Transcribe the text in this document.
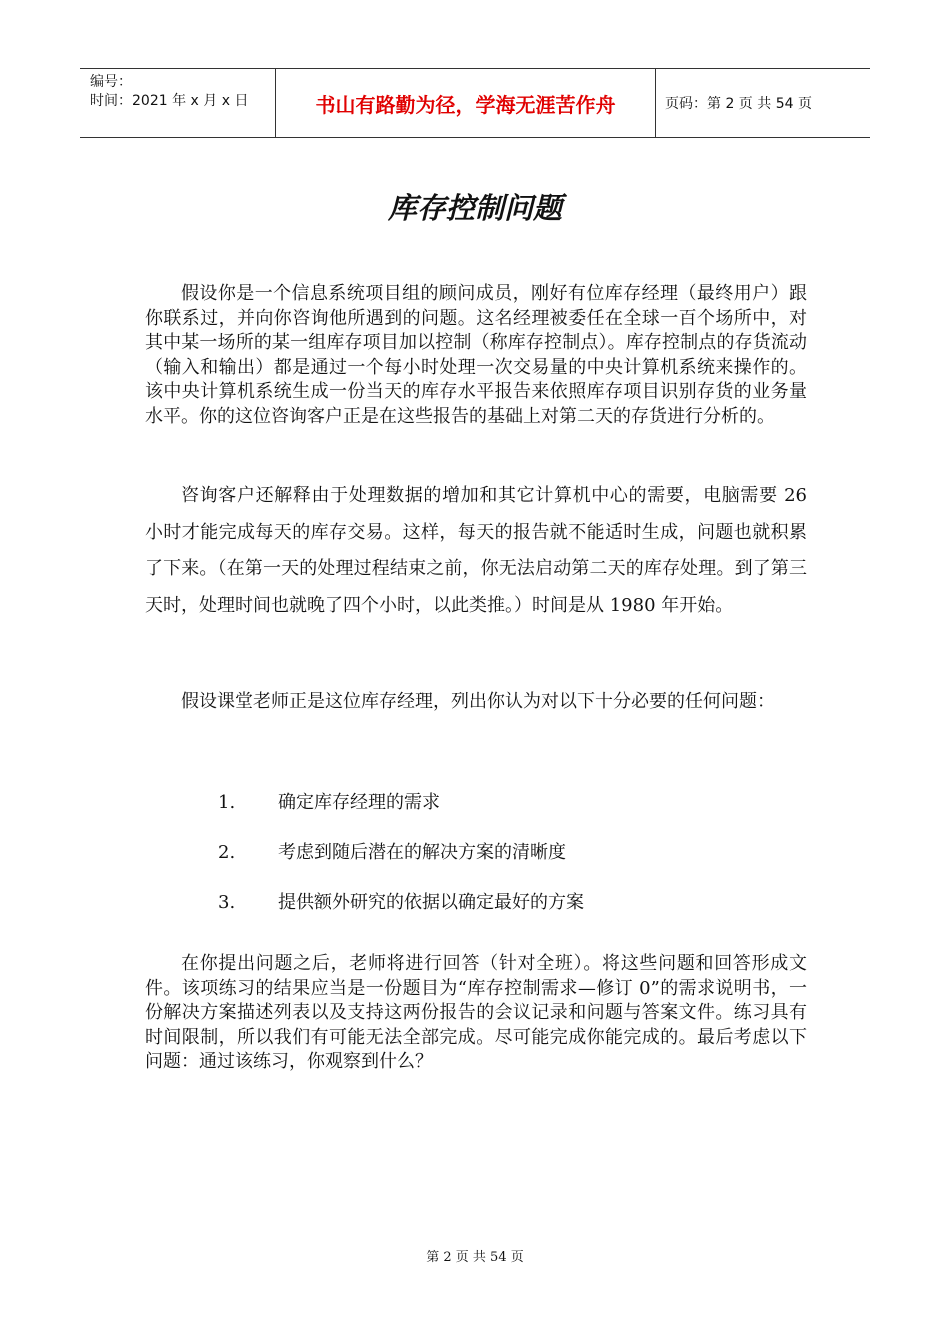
编号：
时间：2021 年 x 月 x 日	书山有路勤为径，学海无涯苦作舟	页码：第 2 页 共 54 页
库存控制问题

假设你是一个信息系统项目组的顾问成员，刚好有位库存经理（最终用户）跟你联系过，并向你咨询他所遇到的问题。这名经理被委任在全球一百个场所中，对其中某一场所的某一组库存项目加以控制（称库存控制点）。库存控制点的存货流动（输入和输出）都是通过一个每小时处理一次交易量的中央计算机系统来操作的。该中央计算机系统生成一份当天的库存水平报告来依照库存项目识别存货的业务量水平。你的这位咨询客户正是在这些报告的基础上对第二天的存货进行分析的。

咨询客户还解释由于处理数据的增加和其它计算机中心的需要，电脑需要 26 小时才能完成每天的库存交易。这样，每天的报告就不能适时生成，问题也就积累了下来。（在第一天的处理过程结束之前，你无法启动第二天的库存处理。到了第三天时，处理时间也就晚了四个小时，以此类推。）时间是从 1980 年开始。

假设课堂老师正是这位库存经理，列出你认为对以下十分必要的任何问题：

1.	确定库存经理的需求
2.	考虑到随后潜在的解决方案的清晰度
3.	提供额外研究的依据以确定最好的方案

在你提出问题之后，老师将进行回答（针对全班）。将这些问题和回答形成文件。该项练习的结果应当是一份题目为“库存控制需求—修订 0”的需求说明书，一份解决方案描述列表以及支持这两份报告的会议记录和问题与答案文件。练习具有时间限制，所以我们有可能无法全部完成。尽可能完成你能完成的。最后考虑以下问题：通过该练习，你观察到什么？

第 2 页 共 54 页
